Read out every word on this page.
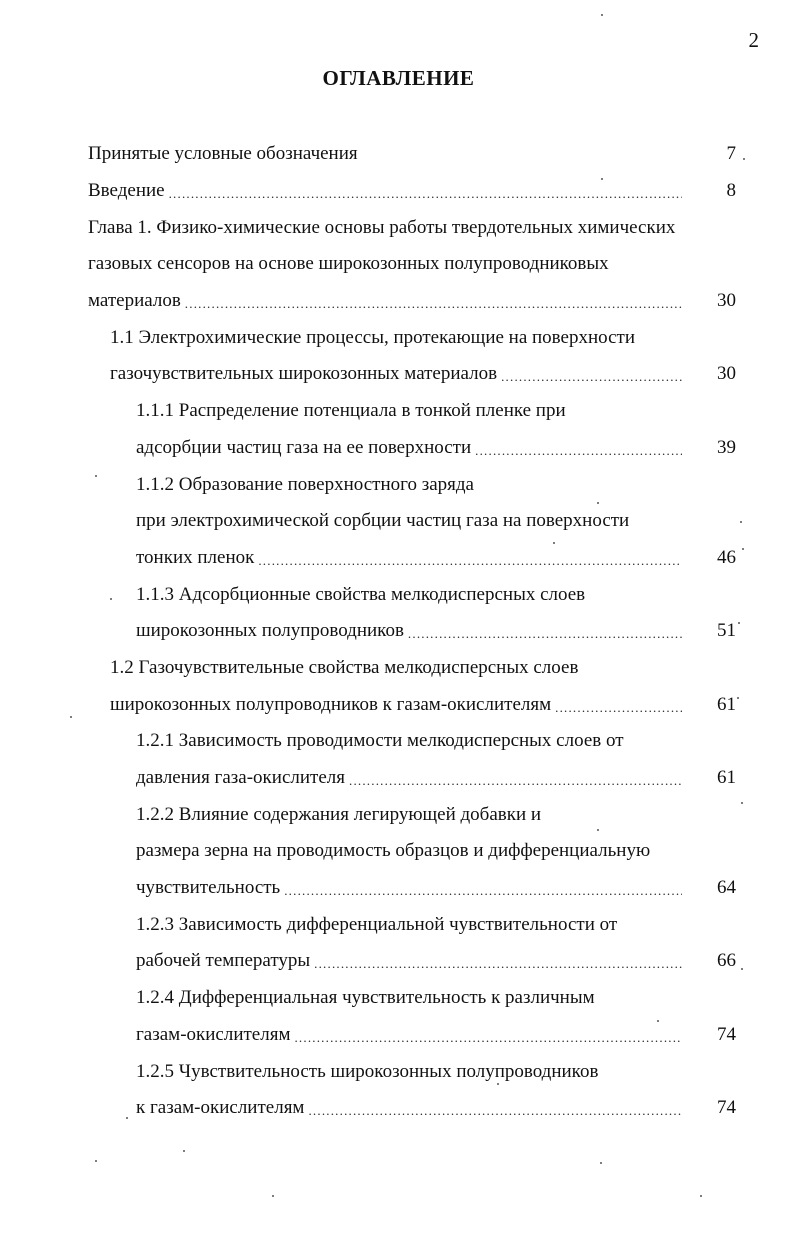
2
ОГЛАВЛЕНИЕ
Принятые условные обозначения	7
Введение .....	8
Глава 1. Физико-химические основы работы твердотельных химических
газовых сенсоров на основе широкозонных полупроводниковых
материалов .....	30
1.1 Электрохимические процессы, протекающие на поверхности
газочувствительных широкозонных материалов .....	30
1.1.1 Распределение потенциала в тонкой пленке при
адсорбции частиц газа на ее поверхности .....	39
1.1.2 Образование поверхностного заряда
при электрохимической сорбции частиц газа на поверхности
тонких пленок .....	46
1.1.3 Адсорбционные свойства мелкодисперсных слоев
широкозонных полупроводников .....	51
1.2 Газочувствительные свойства мелкодисперсных слоев
широкозонных полупроводников к газам-окислителям .....	61
1.2.1 Зависимость проводимости мелкодисперсных слоев от
давления газа-окислителя .....	61
1.2.2 Влияние содержания легирующей добавки и
размера зерна на проводимость образцов и дифференциальную
чувствительность .....	64
1.2.3 Зависимость дифференциальной чувствительности от
рабочей температуры .....	66
1.2.4 Дифференциальная чувствительность к различным
газам-окислителям .....	74
1.2.5 Чувствительность широкозонных полупроводников
к газам-окислителям .....	74
